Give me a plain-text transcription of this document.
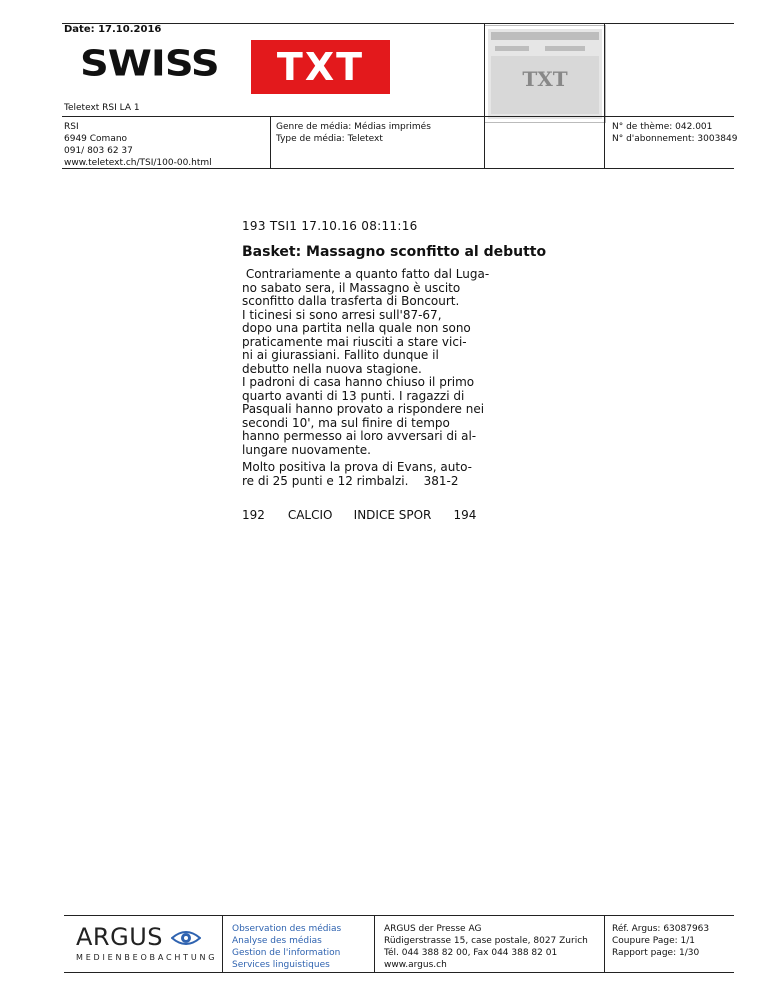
Date: 17.10.2016
SWISS	TXT	TXT
Teletext RSI LA 1
RSI
6949 Comano
091/ 803 62 37
www.teletext.ch/TSI/100-00.html
Genre de média: Médias imprimés
Type de média: Teletext
N° de thème: 042.001
N° d'abonnement: 3003849
193 TSI1 17.10.16 08:11:16
Basket: Massagno sconfitto al debutto
Contrariamente a quanto fatto dal Luga-
no sabato sera, il Massagno è uscito
sconfitto dalla trasferta di Boncourt.
I ticinesi si sono arresi sull'87-67,
dopo una partita nella quale non sono
praticamente mai riusciti a stare vici-
ni ai giurassiani. Fallito dunque il
debutto nella nuova stagione.
I padroni di casa hanno chiuso il primo
quarto avanti di 13 punti. I ragazzi di
Pasquali hanno provato a rispondere nei
secondi 10', ma sul finire di tempo
hanno permesso ai loro avversari di al-
lungare nuovamente.
Molto positiva la prova di Evans, auto-
re di 25 punti e 12 rimbalzi.    381-2
192 CALCIO INDICE SPOR 194
ARGUS
MEDIENBEOBACHTUNG
Observation des médias
Analyse des médias
Gestion de l'information
Services linguistiques
ARGUS der Presse AG
Rüdigerstrasse 15, case postale, 8027 Zurich
Tél. 044 388 82 00, Fax 044 388 82 01
www.argus.ch
Réf. Argus: 63087963
Coupure Page: 1/1
Rapport page: 1/30
